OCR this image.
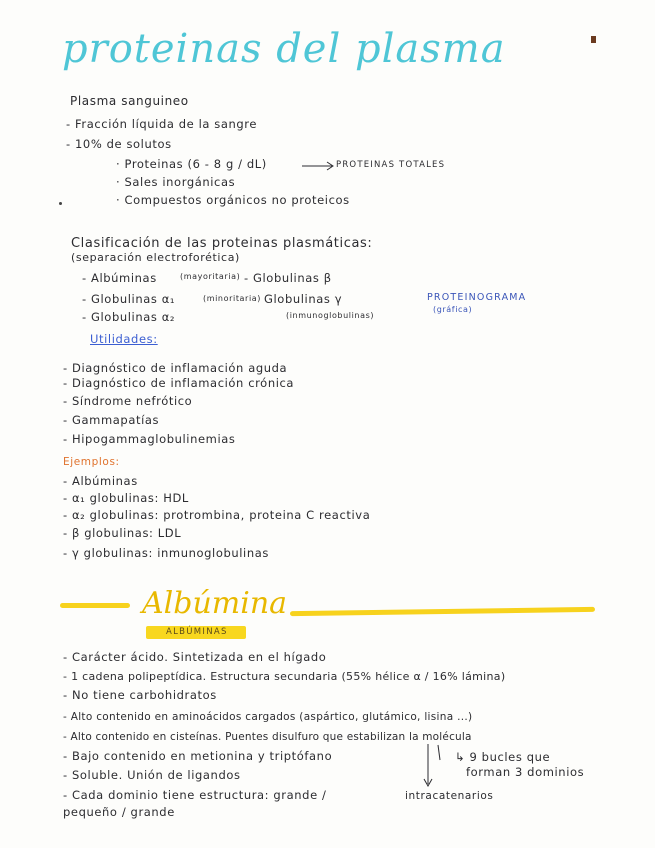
proteinas del plasma
Plasma sanguineo
- Fracción líquida de la sangre
- 10% de solutos
· Proteinas (6 - 8 g / dL)	PROTEINAS TOTALES
· Sales inorgánicas
· Compuestos orgánicos no proteicos
Clasificación de las proteinas plasmáticas:
(separación electroforética)
- Albúminas	(mayoritaria) - Globulinas β
- Globulinas α₁	(minoritaria) Globulinas γ
(inmunoglobulinas)
- Globulinas α₂
PROTEINOGRAMA
(gráfica)
Utilidades:
- Diagnóstico de inflamación aguda
- Diagnóstico de inflamación crónica
- Síndrome nefrótico
- Gammapatías
- Hipogammaglobulinemias
Ejemplos:
- Albúminas
- α₁ globulinas: HDL
- α₂ globulinas: protrombina, proteina C reactiva
- β globulinas: LDL
- γ globulinas: inmunoglobulinas
Albúmina
ALBÚMINAS
- Carácter ácido. Sintetizada en el hígado
- 1 cadena polipeptídica. Estructura secundaria (55% hélice α / 16% lámina)
- No tiene carbohidratos
- Alto contenido en aminoácidos cargados (aspártico, glutámico, lisina ...)
- Alto contenido en cisteínas. Puentes disulfuro que estabilizan la molécula
- Bajo contenido en metionina y triptófano	↳ 9 bucles que
forman 3 dominios
- Soluble. Unión de ligandos
- Cada dominio tiene estructura: grande /	intracatenarios
pequeño / grande
